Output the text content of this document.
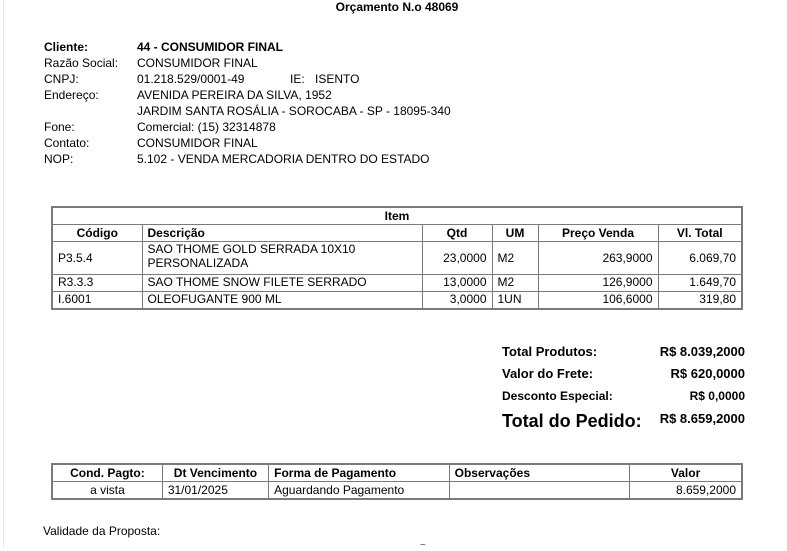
Orçamento N.o 48069
Cliente:	44 - CONSUMIDOR FINAL
Razão Social: CONSUMIDOR FINAL
CNPJ:	01.218.529/0001-49	IE: ISENTO
Endereço:	AVENIDA PEREIRA DA SILVA, 1952
JARDIM SANTA ROSÁLIA - SOROCABA - SP - 18095-340
Fone:	Comercial: (15) 32314878
Contato:	CONSUMIDOR FINAL
NOP:	5.102 - VENDA MERCADORIA DENTRO DO ESTADO
Item					
Código	Descrição	Qtd	UM	Preço Venda	Vl. Total
P3.5.4	SAO THOME GOLD SERRADA 10X10 PERSONALIZADA	23,0000	M2	263,9000	6.069,70
R3.3.3	SAO THOME SNOW FILETE SERRADO	13,0000	M2	126,9000	1.649,70
I.6001	OLEOFUGANTE 900 ML	3,0000	1UN	106,6000	319,80
Total Produtos:	R$ 8.039,2000
Valor do Frete:	R$ 620,0000
Desconto Especial:	R$ 0,0000
Total do Pedido: R$ 8.659,2000
Cond. Pagto:	Dt Vencimento	Forma de Pagamento	Observações	Valor
a vista	31/01/2025	Aguardando Pagamento		8.659,2000
Validade da Proposta:
~
